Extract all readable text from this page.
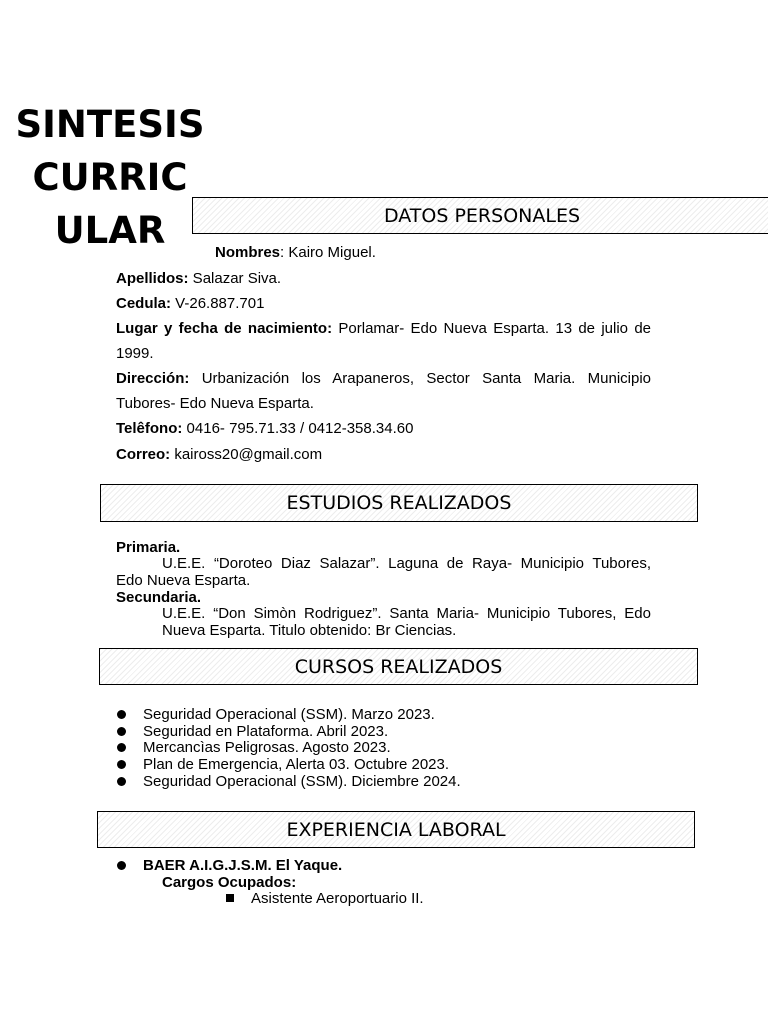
SINTESIS
CURRIC
ULAR	DATOS PERSONALES
Nombres: Kairo Miguel.
Apellidos: Salazar Siva.
Cedula: V-26.887.701
Lugar y fecha de nacimiento: Porlamar- Edo Nueva Esparta. 13 de julio de
1999.
Dirección: Urbanización los Arapaneros, Sector Santa Maria. Municipio
Tubores- Edo Nueva Esparta.
Telêfono: 0416- 795.71.33 / 0412-358.34.60
Correo: kaiross20@gmail.com
ESTUDIOS REALIZADOS
Primaria.
U.E.E. “Doroteo Diaz Salazar”. Laguna de Raya- Municipio Tubores,
Edo Nueva Esparta.
Secundaria.
U.E.E. “Don Simòn Rodriguez”. Santa Maria- Municipio Tubores, Edo
Nueva Esparta. Titulo obtenido: Br Ciencias.
CURSOS REALIZADOS
Seguridad Operacional (SSM). Marzo 2023.
Seguridad en Plataforma. Abril 2023.
Mercancìas Peligrosas. Agosto 2023.
Plan de Emergencia, Alerta 03. Octubre 2023.
Seguridad Operacional (SSM). Diciembre 2024.
EXPERIENCIA LABORAL
BAER A.I.G.J.S.M. El Yaque.
Cargos Ocupados:
Asistente Aeroportuario II.
